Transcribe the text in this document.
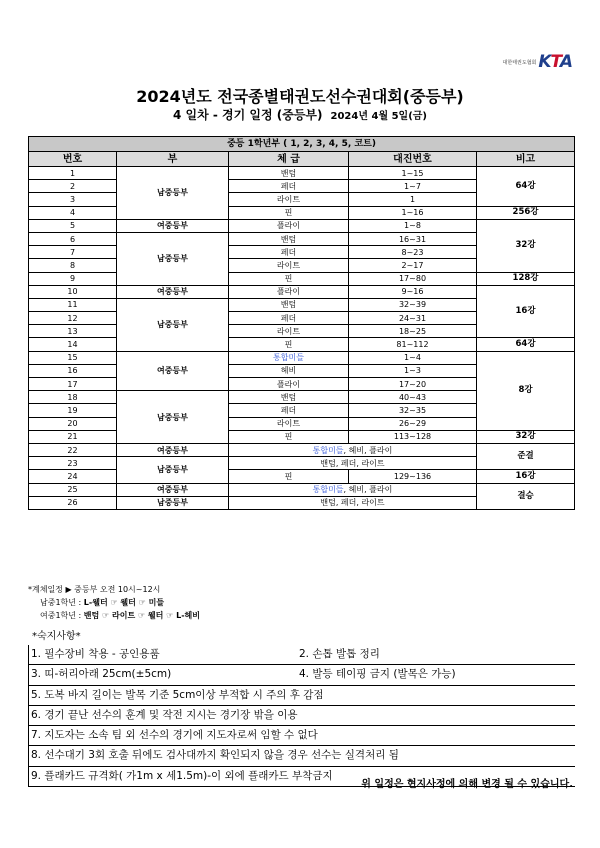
대한태권도협회 KTA
2024년도 전국종별태권도선수권대회(중등부)
4 일차 - 경기 일정 (중등부) 2024년 4월 5일(금)
중등 1학년부 ( 1, 2, 3, 4, 5, 코트)				
번호	부	체 급	대진번호	비고
1	남중등부	밴텀	1~15	64강
2		페더	1~7	
3		라이트	1	
4		핀	1~16	256강
5	여중등부	플라이	1~8	32강
6	남중등부	밴텀	16~31	
7		페더	8~23	
8		라이트	2~17	
9		핀	17~80	128강
10	여중등부	플라이	9~16	16강
11	남중등부	밴텀	32~39	
12		페더	24~31	
13		라이트	18~25	
14		핀	81~112	64강
15	여중등부	통합미들	1~4	8강
16		헤비	1~3	
17		플라이	17~20	
18	남중등부	밴텀	40~43	
19		페더	32~35	
20		라이트	26~29	
21		핀	113~128	32강
22	여중등부	통합미들, 헤비, 플라이		준결
23	남중등부	밴텀, 페더, 라이트		
24		핀	129~136	16강
25	여중등부	통합미들, 헤비, 플라이		결승
26	남중등부	밴텀, 페더, 라이트		
*계체일정 ▶ 중등부 오전 10시~12시
남중1학년 : L-웰터 ☞ 웰터 ☞ 미들
여중1학년 : 밴텀 ☞ 라이트 ☞ 웰터 ☞ L-헤비
*숙지사항*
1. 필수장비 착용 - 공인용품	2. 손톱 발톱 정리
3. 띠-허리아래 25cm(±5cm)	4. 발등 테이핑 금지 (발목은 가능)
5. 도복 바지 길이는 발목 기준 5cm이상 부적합 시 주의 후 감점
6. 경기 끝난 선수의 훈계 및 작전 지시는 경기장 밖을 이용
7. 지도자는 소속 팀 외 선수의 경기에 지도자로써 임할 수 없다
8. 선수대기 3회 호출 뒤에도 검사대까지 확인되지 않을 경우 선수는 실격처리 됨
9. 플래카드 규격화( 가1m x 세1.5m)-이 외에 플래카드 부착금지
위 일정은 현지사정에 의해 변경 될 수 있습니다.
